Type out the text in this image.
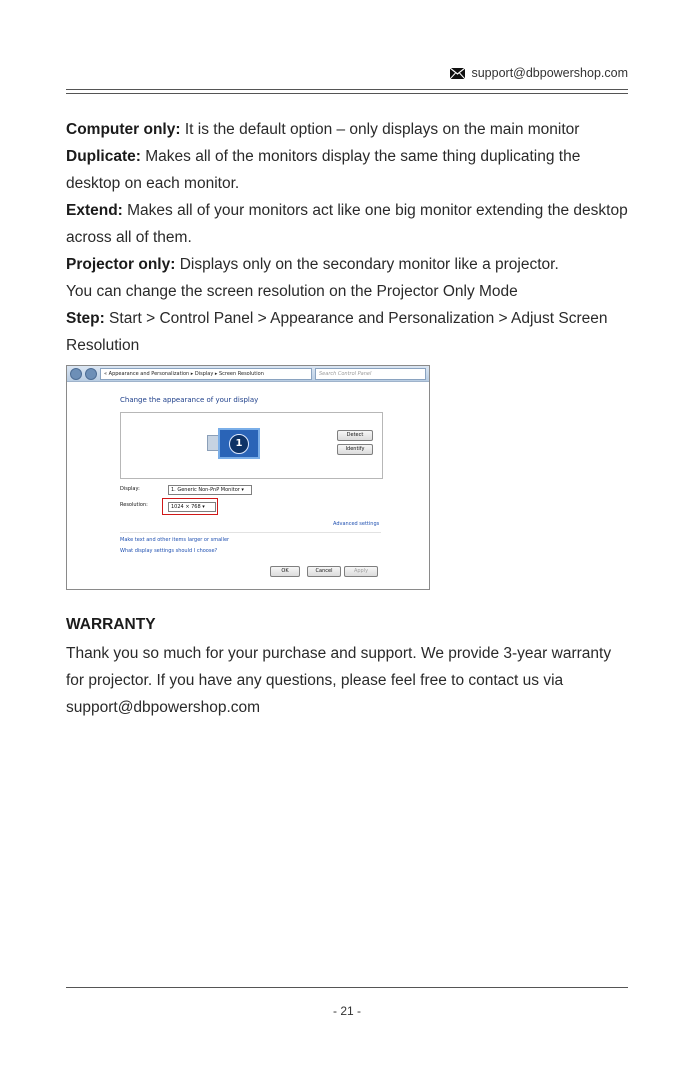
support@dbpowershop.com

Computer only: It is the default option – only displays on the main monitor

Duplicate: Makes all of the monitors display the same thing duplicating the desktop on each monitor.

Extend: Makes all of your monitors act like one big monitor extending the desktop across all of them.

Projector only: Displays only on the secondary monitor like a projector.

You can change the screen resolution on the Projector Only Mode

Step: Start > Control Panel > Appearance and Personalization > Adjust Screen Resolution

« Appearance and Personalization ▸ Display ▸ Screen Resolution	Search Control Panel
Change the appearance of your display
1
Detect
Identify
Display:	1. Generic Non-PnP Monitor ▾
Resolution:	1024 × 768 ▾
Advanced settings
Make text and other items larger or smaller
What display settings should I choose?
OK	Cancel	Apply
WARRANTY

Thank you so much for your purchase and support. We provide 3-year warranty for projector. If you have any questions, please feel free to contact us via support@dbpowershop.com

- 21 -
